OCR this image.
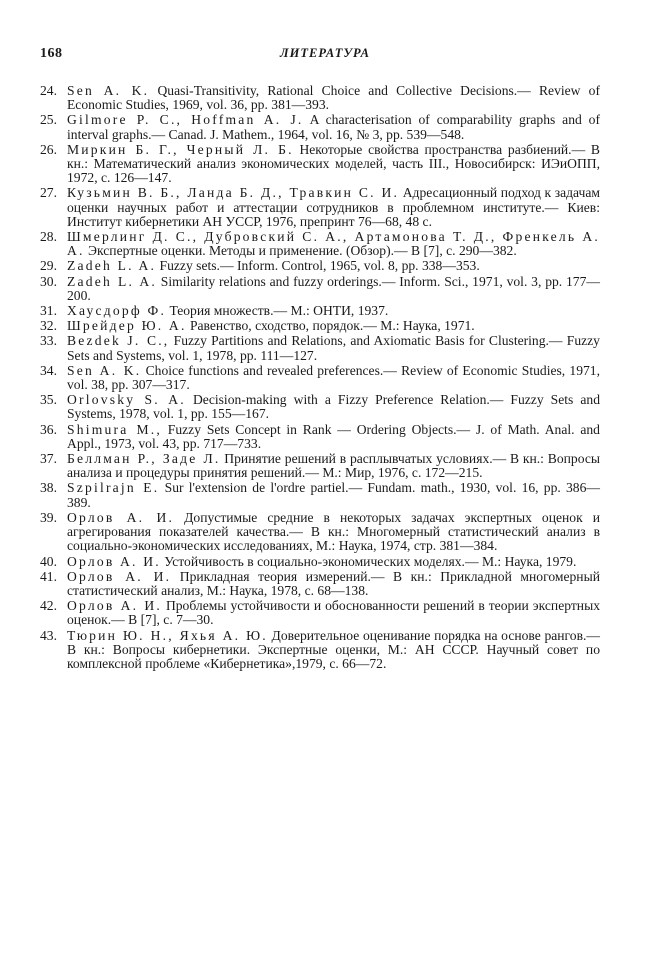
168	ЛИТЕРАТУРА
24. Sen A. K. Quasi-Transitivity, Rational Choice and Collective Decisions.— Review of Economic Studies, 1969, vol. 36, pp. 381—393.
25. Gilmore P. C., Hoffman A. J. A characterisation of comparability graphs and of interval graphs.— Canad. J. Mathem., 1964, vol. 16, № 3, pp. 539—548.
26. Миркин Б. Г., Черный Л. Б. Некоторые свойства пространства разбиений.— В кн.: Математический анализ экономических моделей, часть III., Новосибирск: ИЭиОПП, 1972, с. 126—147.
27. Кузьмин В. Б., Ланда Б. Д., Травкин С. И. Адресационный подход к задачам оценки научных работ и аттестации сотрудников в проблемном институте.— Киев: Институт кибернетики АН УССР, 1976, препринт 76—68, 48 с.
28. Шмерлинг Д. С., Дубровский С. А., Артамонова Т. Д., Френкель А. А. Экспертные оценки. Методы и применение. (Обзор).— В [7], с. 290—382.
29. Zadeh L. A. Fuzzy sets.— Inform. Control, 1965, vol. 8, pp. 338—353.
30. Zadeh L. A. Similarity relations and fuzzy orderings.— Inform. Sci., 1971, vol. 3, pp. 177—200.
31. Хаусдорф Ф. Теория множеств.— М.: ОНТИ, 1937.
32. Шрейдер Ю. А. Равенство, сходство, порядок.— М.: Наука, 1971.
33. Bezdek J. C., Fuzzy Partitions and Relations, and Axiomatic Basis for Clustering.— Fuzzy Sets and Systems, vol. 1, 1978, pp. 111—127.
34. Sen A. K. Choice functions and revealed preferences.— Review of Economic Studies, 1971, vol. 38, pp. 307—317.
35. Orlovsky S. A. Decision-making with a Fizzy Preference Relation.— Fuzzy Sets and Systems, 1978, vol. 1, pp. 155—167.
36. Shimura M., Fuzzy Sets Concept in Rank — Ordering Objects.— J. of Math. Anal. and Appl., 1973, vol. 43, pp. 717—733.
37. Беллман Р., Заде Л. Принятие решений в расплывчатых условиях.— В кн.: Вопросы анализа и процедуры принятия решений.— М.: Мир, 1976, с. 172—215.
38. Szpilrajn E. Sur l'extension de l'ordre partiel.— Fundam. math., 1930, vol. 16, pp. 386—389.
39. Орлов А. И. Допустимые средние в некоторых задачах экспертных оценок и агрегирования показателей качества.— В кн.: Многомерный статистический анализ в социально-экономических исследованиях, М.: Наука, 1974, стр. 381—384.
40. Орлов А. И. Устойчивость в социально-экономических моделях.— М.: Наука, 1979.
41. Орлов А. И. Прикладная теория измерений.— В кн.: Прикладной многомерный статистический анализ, М.: Наука, 1978, с. 68—138.
42. Орлов А. И. Проблемы устойчивости и обоснованности решений в теории экспертных оценок.— В [7], с. 7—30.
43. Тюрин Ю. Н., Яхья А. Ю. Доверительное оценивание порядка на основе рангов.— В кн.: Вопросы кибернетики. Экспертные оценки, М.: АН СССР. Научный совет по комплексной проблеме «Кибернетика»,1979, с. 66—72.
